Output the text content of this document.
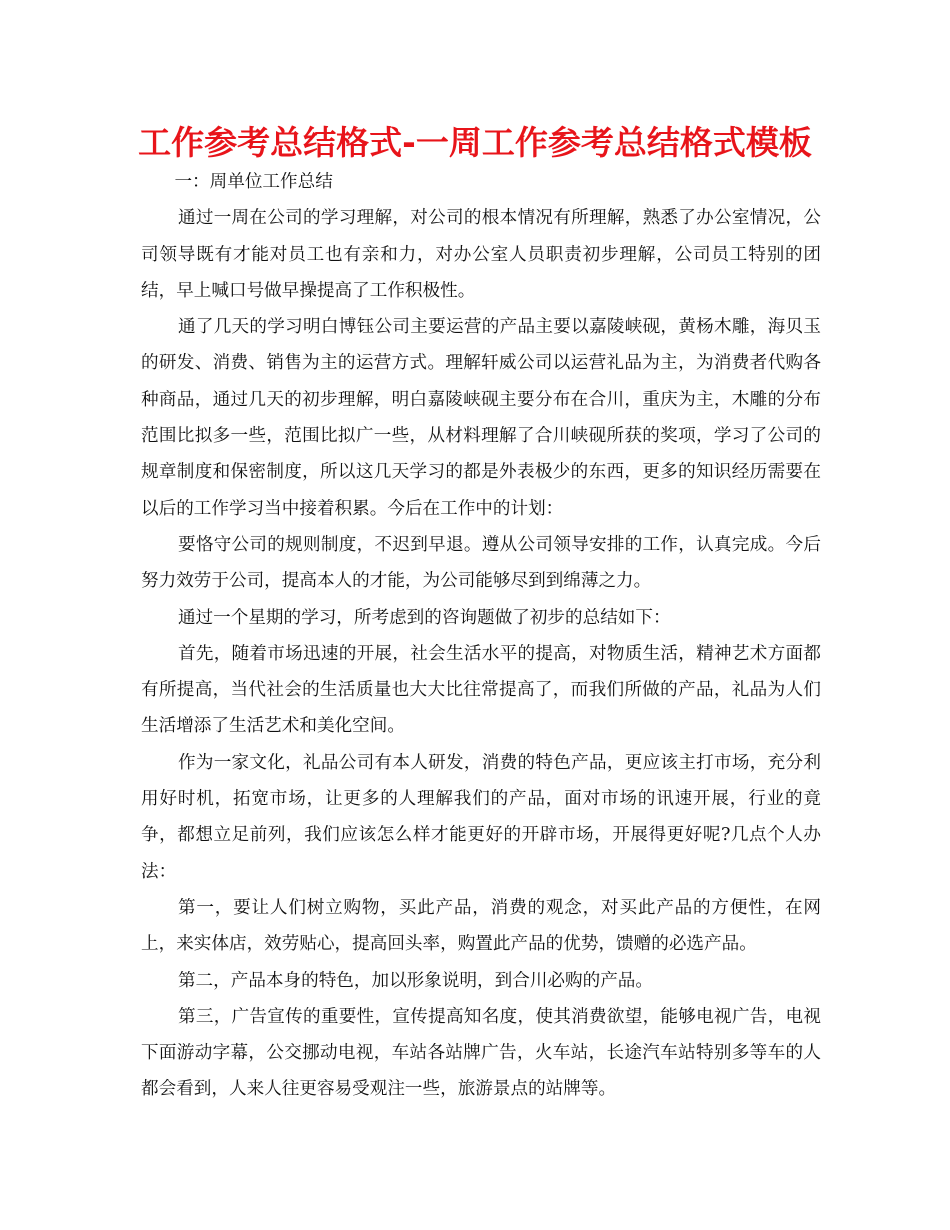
工作参考总结格式-一周工作参考总结格式模板

一：周单位工作总结

通过一周在公司的学习理解，对公司的根本情况有所理解，熟悉了办公室情况，公司领导既有才能对员工也有亲和力，对办公室人员职责初步理解，公司员工特别的团结，早上喊口号做早操提高了工作积极性。

通了几天的学习明白博钰公司主要运营的产品主要以嘉陵峡砚，黄杨木雕，海贝玉的研发、消费、销售为主的运营方式。理解轩威公司以运营礼品为主，为消费者代购各种商品，通过几天的初步理解，明白嘉陵峡砚主要分布在合川，重庆为主，木雕的分布范围比拟多一些，范围比拟广一些，从材料理解了合川峡砚所获的奖项，学习了公司的规章制度和保密制度，所以这几天学习的都是外表极少的东西，更多的知识经历需要在以后的工作学习当中接着积累。今后在工作中的计划：

要恪守公司的规则制度，不迟到早退。遵从公司领导安排的工作，认真完成。今后努力效劳于公司，提高本人的才能，为公司能够尽到到绵薄之力。

通过一个星期的学习，所考虑到的咨询题做了初步的总结如下：

首先，随着市场迅速的开展，社会生活水平的提高，对物质生活，精神艺术方面都有所提高，当代社会的生活质量也大大比往常提高了，而我们所做的产品，礼品为人们生活增添了生活艺术和美化空间。

作为一家文化，礼品公司有本人研发，消费的特色产品，更应该主打市场，充分利用好时机，拓宽市场，让更多的人理解我们的产品，面对市场的讯速开展，行业的竟争，都想立足前列，我们应该怎么样才能更好的开辟市场，开展得更好呢?几点个人办法：

第一，要让人们树立购物，买此产品，消费的观念，对买此产品的方便性，在网上，来实体店，效劳贴心，提高回头率，购置此产品的优势，馈赠的必选产品。

第二，产品本身的特色，加以形象说明，到合川必购的产品。

第三，广告宣传的重要性，宣传提高知名度，使其消费欲望，能够电视广告，电视下面游动字幕，公交挪动电视，车站各站牌广告，火车站，长途汽车站特别多等车的人都会看到，人来人往更容易受观注一些，旅游景点的站牌等。
